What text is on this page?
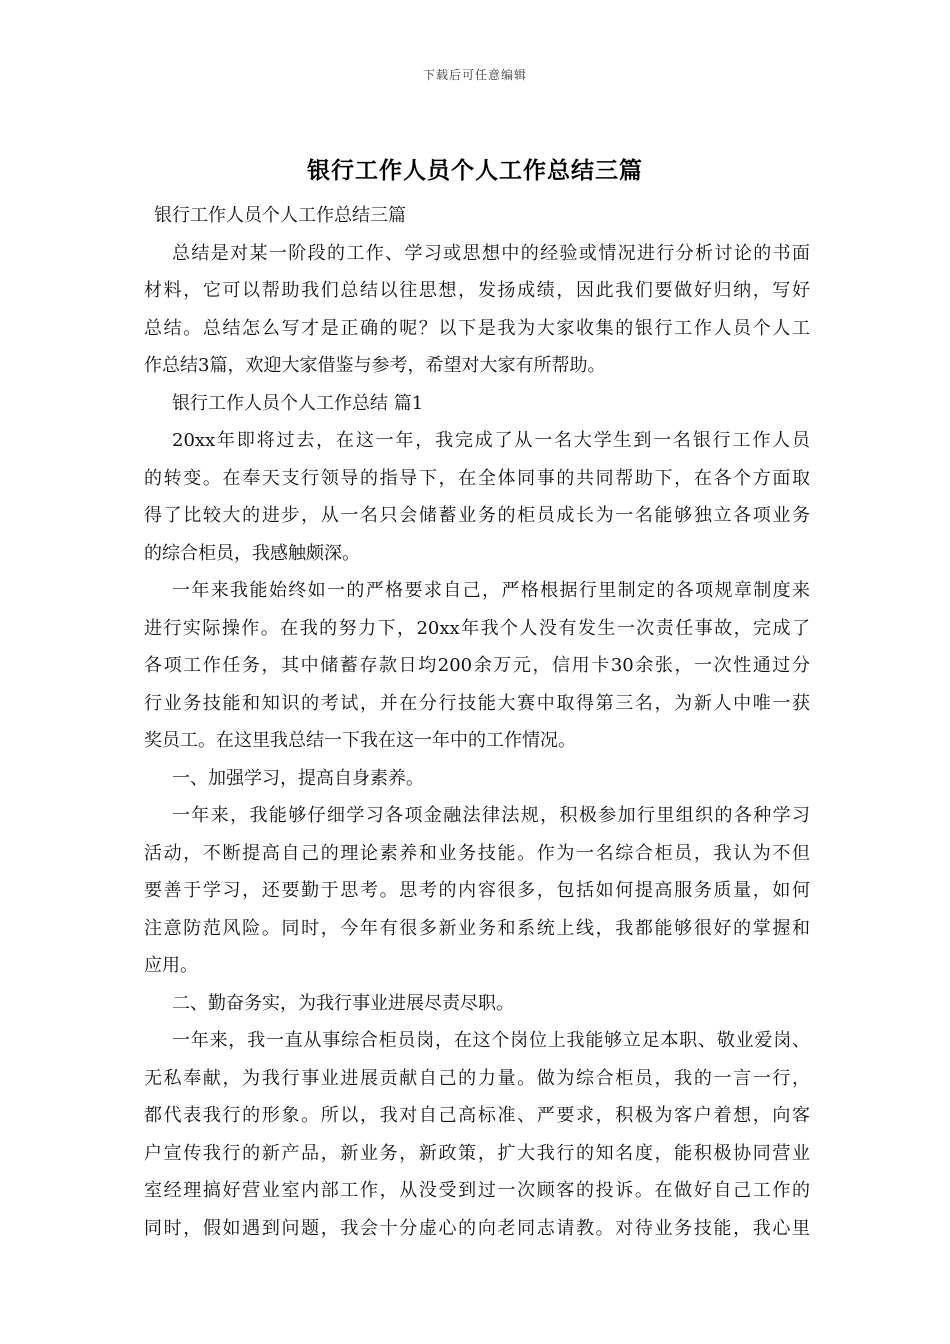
下载后可任意编辑
银行工作人员个人工作总结三篇
银行工作人员个人工作总结三篇
总结是对某一阶段的工作、学习或思想中的经验或情况进行分析讨论的书面
材料，它可以帮助我们总结以往思想，发扬成绩，因此我们要做好归纳，写好
总结。总结怎么写才是正确的呢？以下是我为大家收集的银行工作人员个人工
作总结3篇，欢迎大家借鉴与参考，希望对大家有所帮助。
银行工作人员个人工作总结 篇1
20xx年即将过去，在这一年，我完成了从一名大学生到一名银行工作人员
的转变。在奉天支行领导的指导下，在全体同事的共同帮助下，在各个方面取
得了比较大的进步，从一名只会储蓄业务的柜员成长为一名能够独立各项业务
的综合柜员，我感触颇深。
一年来我能始终如一的严格要求自己，严格根据行里制定的各项规章制度来
进行实际操作。在我的努力下，20xx年我个人没有发生一次责任事故，完成了
各项工作任务，其中储蓄存款日均200余万元，信用卡30余张，一次性通过分
行业务技能和知识的考试，并在分行技能大赛中取得第三名，为新人中唯一获
奖员工。在这里我总结一下我在这一年中的工作情况。
一、加强学习，提高自身素养。
一年来，我能够仔细学习各项金融法律法规，积极参加行里组织的各种学习
活动，不断提高自己的理论素养和业务技能。作为一名综合柜员，我认为不但
要善于学习，还要勤于思考。思考的内容很多，包括如何提高服务质量，如何
注意防范风险。同时，今年有很多新业务和系统上线，我都能够很好的掌握和
应用。
二、勤奋务实，为我行事业进展尽责尽职。
一年来，我一直从事综合柜员岗，在这个岗位上我能够立足本职、敬业爱岗、
无私奉献，为我行事业进展贡献自己的力量。做为综合柜员，我的一言一行，
都代表我行的形象。所以，我对自己高标准、严要求，积极为客户着想，向客
户宣传我行的新产品，新业务，新政策，扩大我行的知名度，能积极协同营业
室经理搞好营业室内部工作，从没受到过一次顾客的投诉。在做好自己工作的
同时，假如遇到问题，我会十分虚心的向老同志请教。对待业务技能，我心里
